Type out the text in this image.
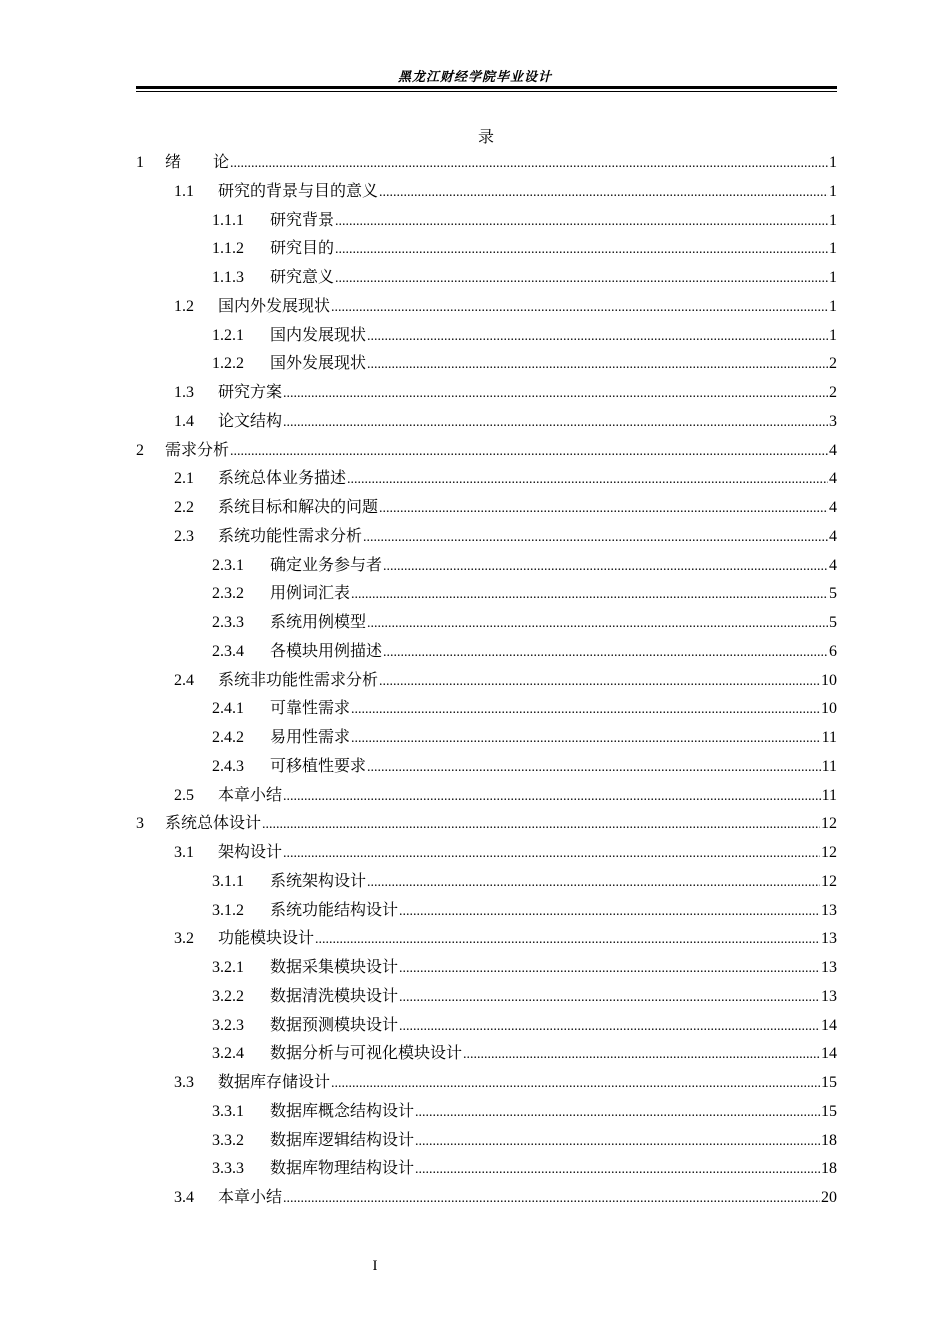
黑龙江财经学院毕业设计
录
1	绪　　论 .....	1
1.1	研究的背景与目的意义 .....	1
1.1.1	研究背景 .....	1
1.1.2	研究目的 .....	1
1.1.3	研究意义 .....	1
1.2	国内外发展现状 .....	1
1.2.1	国内发展现状 .....	1
1.2.2	国外发展现状 .....	2
1.3	研究方案 .....	2
1.4	论文结构 .....	3
2	需求分析 .....	4
2.1	系统总体业务描述 .....	4
2.2	系统目标和解决的问题 .....	4
2.3	系统功能性需求分析 .....	4
2.3.1	确定业务参与者 .....	4
2.3.2	用例词汇表 .....	5
2.3.3	系统用例模型 .....	5
2.3.4	各模块用例描述 .....	6
2.4	系统非功能性需求分析 .....	10
2.4.1	可靠性需求 .....	10
2.4.2	易用性需求 .....	11
2.4.3	可移植性要求 .....	11
2.5	本章小结 .....	11
3	系统总体设计 .....	12
3.1	架构设计 .....	12
3.1.1	系统架构设计 .....	12
3.1.2	系统功能结构设计 .....	13
3.2	功能模块设计 .....	13
3.2.1	数据采集模块设计 .....	13
3.2.2	数据清洗模块设计 .....	13
3.2.3	数据预测模块设计 .....	14
3.2.4	数据分析与可视化模块设计 .....	14
3.3	数据库存储设计 .....	15
3.3.1	数据库概念结构设计 .....	15
3.3.2	数据库逻辑结构设计 .....	18
3.3.3	数据库物理结构设计 .....	18
3.4	本章小结 .....	20
I
